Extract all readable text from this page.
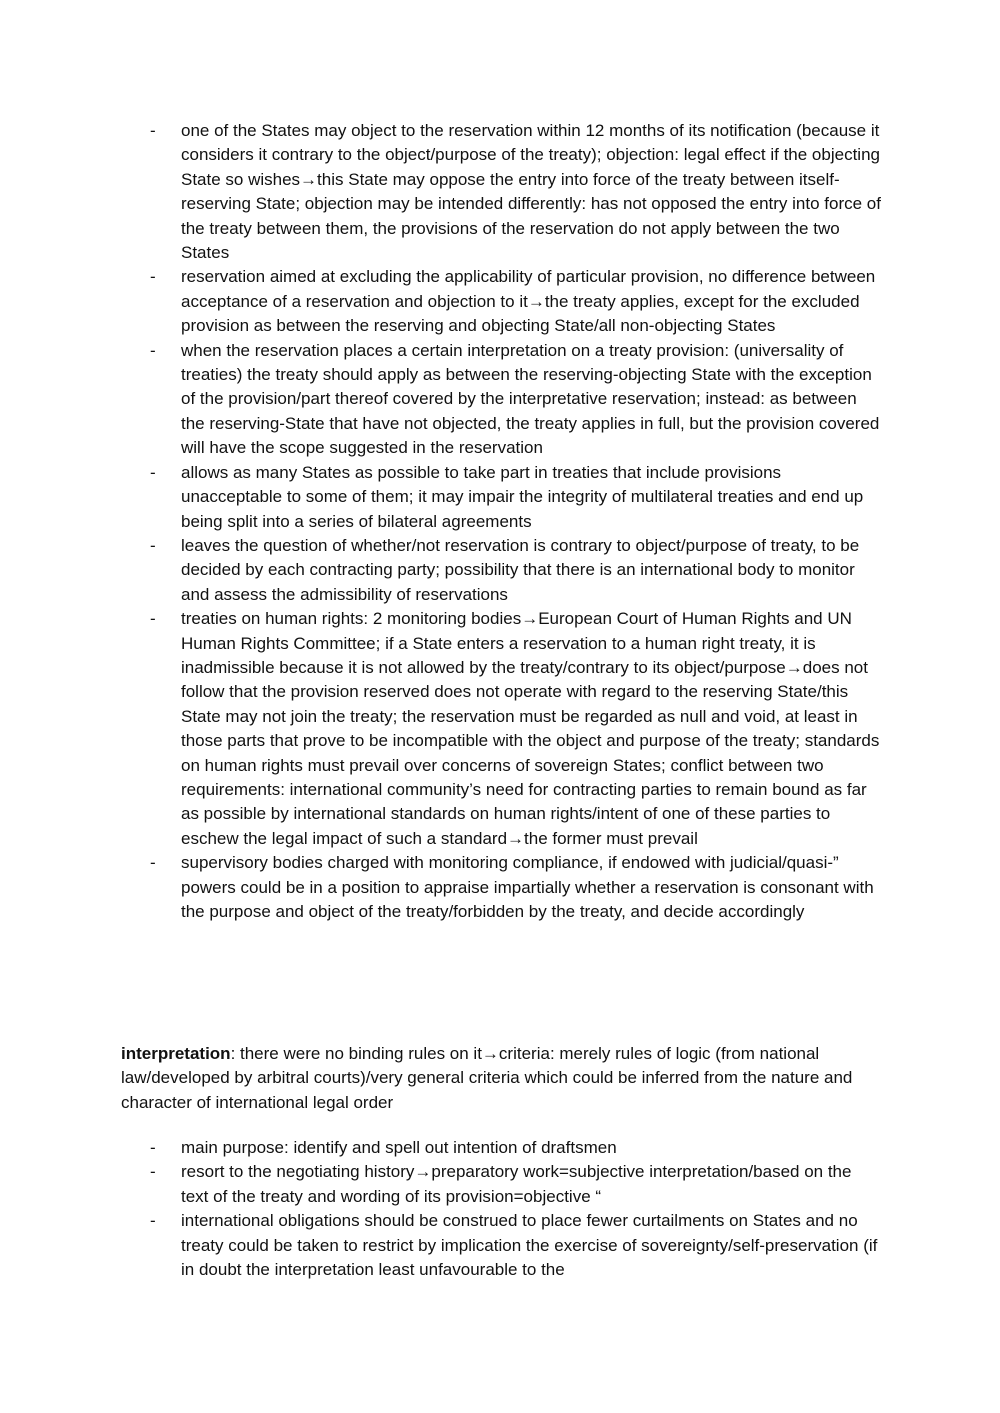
- one of the States may object to the reservation within 12 months of its notification (because it considers it contrary to the object/purpose of the treaty); objection: legal effect if the objecting State so wishes→this State may oppose the entry into force of the treaty between itself-reserving State; objection may be intended differently: has not opposed the entry into force of the treaty between them, the provisions of the reservation do not apply between the two States
- reservation aimed at excluding the applicability of particular provision, no difference between acceptance of a reservation and objection to it→the treaty applies, except for the excluded provision as between the reserving and objecting State/all non-objecting States
- when the reservation places a certain interpretation on a treaty provision: (universality of treaties) the treaty should apply as between the reserving-objecting State with the exception of the provision/part thereof covered by the interpretative reservation; instead: as between the reserving-State that have not objected, the treaty applies in full, but the provision covered will have the scope suggested in the reservation
- allows as many States as possible to take part in treaties that include provisions unacceptable to some of them; it may impair the integrity of multilateral treaties and end up being split into a series of bilateral agreements
- leaves the question of whether/not reservation is contrary to object/purpose of treaty, to be decided by each contracting party; possibility that there is an international body to monitor and assess the admissibility of reservations
- treaties on human rights: 2 monitoring bodies→European Court of Human Rights and UN Human Rights Committee; if a State enters a reservation to a human right treaty, it is inadmissible because it is not allowed by the treaty/contrary to its object/purpose→does not follow that the provision reserved does not operate with regard to the reserving State/this State may not join the treaty; the reservation must be regarded as null and void, at least in those parts that prove to be incompatible with the object and purpose of the treaty; standards on human rights must prevail over concerns of sovereign States; conflict between two requirements: international community’s need for contracting parties to remain bound as far as possible by international standards on human rights/intent of one of these parties to eschew the legal impact of such a standard→the former must prevail
- supervisory bodies charged with monitoring compliance, if endowed with judicial/quasi-” powers could be in a position to appraise impartially whether a reservation is consonant with the purpose and object of the treaty/forbidden by the treaty, and decide accordingly

interpretation: there were no binding rules on it→criteria: merely rules of logic (from national law/developed by arbitral courts)/very general criteria which could be inferred from the nature and character of international legal order

- main purpose: identify and spell out intention of draftsmen
- resort to the negotiating history→preparatory work=subjective interpretation/based on the text of the treaty and wording of its provision=objective “
- international obligations should be construed to place fewer curtailments on States and no treaty could be taken to restrict by implication the exercise of sovereignty/self-preservation (if in doubt the interpretation least unfavourable to the
